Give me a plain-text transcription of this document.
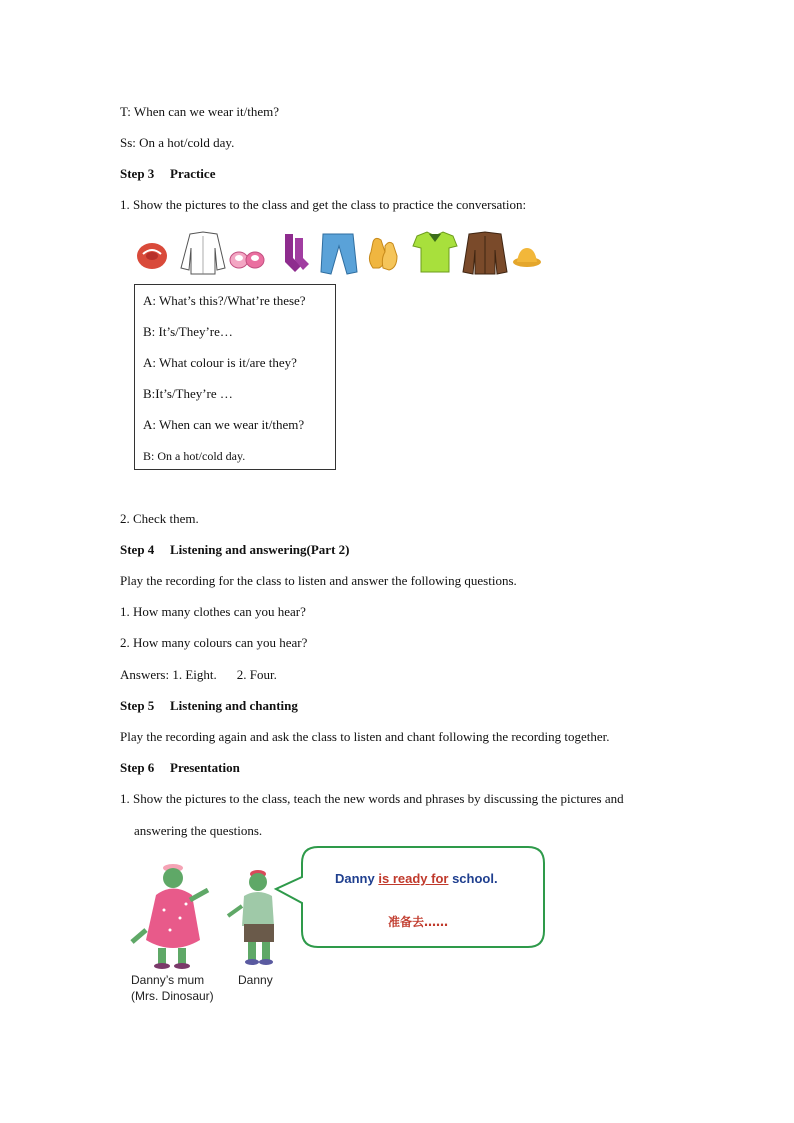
T: When can we wear it/them?
Ss: On a hot/cold day.
Step 3 Practice
1. Show the pictures to the class and get the class to practice the conversation:
A: What’s this?/What’re these?
B: It’s/They’re…
A: What colour is it/are they?
B:It’s/They’re …
A: When can we wear it/them?
B: On a hot/cold day.
2. Check them.
Step 4 Listening and answering(Part 2)
Play the recording for the class to listen and answer the following questions.
1. How many clothes can you hear?
2. How many colours can you hear?
Answers: 1. Eight. 2. Four.
Step 5 Listening and chanting
Play the recording again and ask the class to listen and chant following the recording together.
Step 6 Presentation
1. Show the pictures to the class, teach the new words and phrases by discussing the pictures and
answering the questions.
Danny’s mum
(Mrs. Dinosaur)
Danny
Danny is ready for school.
准备去……
